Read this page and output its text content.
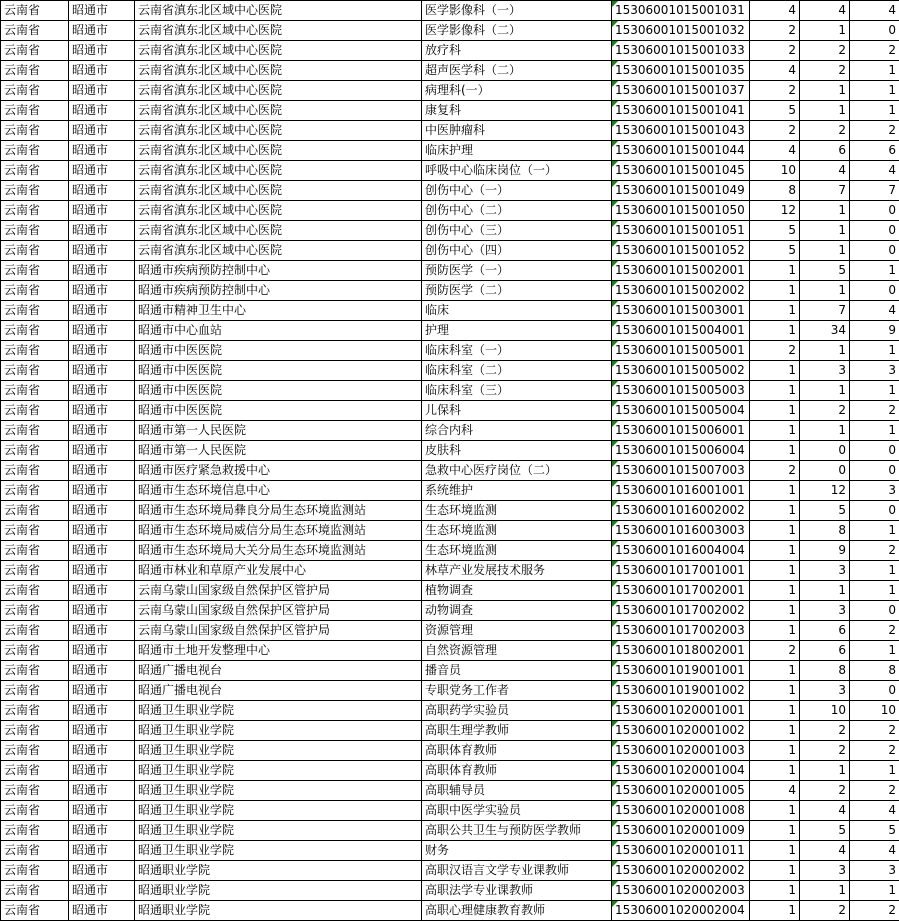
云南省	昭通市	云南省滇东北区域中心医院	医学影像科（一）	15306001015001031	4	4	4
云南省	昭通市	云南省滇东北区域中心医院	医学影像科（二）	15306001015001032	2	1	0
云南省	昭通市	云南省滇东北区域中心医院	放疗科	15306001015001033	2	2	2
云南省	昭通市	云南省滇东北区域中心医院	超声医学科（二）	15306001015001035	4	2	1
云南省	昭通市	云南省滇东北区域中心医院	病理科(一）	15306001015001037	2	1	1
云南省	昭通市	云南省滇东北区域中心医院	康复科	15306001015001041	5	1	1
云南省	昭通市	云南省滇东北区域中心医院	中医肿瘤科	15306001015001043	2	2	2
云南省	昭通市	云南省滇东北区域中心医院	临床护理	15306001015001044	4	6	6
云南省	昭通市	云南省滇东北区域中心医院	呼吸中心临床岗位（一）	15306001015001045	10	4	4
云南省	昭通市	云南省滇东北区域中心医院	创伤中心（一）	15306001015001049	8	7	7
云南省	昭通市	云南省滇东北区域中心医院	创伤中心（二）	15306001015001050	12	1	0
云南省	昭通市	云南省滇东北区域中心医院	创伤中心（三）	15306001015001051	5	1	0
云南省	昭通市	云南省滇东北区域中心医院	创伤中心（四）	15306001015001052	5	1	0
云南省	昭通市	昭通市疾病预防控制中心	预防医学（一）	15306001015002001	1	5	1
云南省	昭通市	昭通市疾病预防控制中心	预防医学（二）	15306001015002002	1	1	0
云南省	昭通市	昭通市精神卫生中心	临床	15306001015003001	1	7	4
云南省	昭通市	昭通市中心血站	护理	15306001015004001	1	34	9
云南省	昭通市	昭通市中医医院	临床科室（一）	15306001015005001	2	1	1
云南省	昭通市	昭通市中医医院	临床科室（二）	15306001015005002	1	3	3
云南省	昭通市	昭通市中医医院	临床科室（三）	15306001015005003	1	1	1
云南省	昭通市	昭通市中医医院	儿保科	15306001015005004	1	2	2
云南省	昭通市	昭通市第一人民医院	综合内科	15306001015006001	1	1	1
云南省	昭通市	昭通市第一人民医院	皮肤科	15306001015006004	1	0	0
云南省	昭通市	昭通市医疗紧急救援中心	急救中心医疗岗位（二）	15306001015007003	2	0	0
云南省	昭通市	昭通市生态环境信息中心	系统维护	15306001016001001	1	12	3
云南省	昭通市	昭通市生态环境局彝良分局生态环境监测站	生态环境监测	15306001016002002	1	5	0
云南省	昭通市	昭通市生态环境局威信分局生态环境监测站	生态环境监测	15306001016003003	1	8	1
云南省	昭通市	昭通市生态环境局大关分局生态环境监测站	生态环境监测	15306001016004004	1	9	2
云南省	昭通市	昭通市林业和草原产业发展中心	林草产业发展技术服务	15306001017001001	1	3	1
云南省	昭通市	云南乌蒙山国家级自然保护区管护局	植物调查	15306001017002001	1	1	1
云南省	昭通市	云南乌蒙山国家级自然保护区管护局	动物调查	15306001017002002	1	3	0
云南省	昭通市	云南乌蒙山国家级自然保护区管护局	资源管理	15306001017002003	1	6	2
云南省	昭通市	昭通市土地开发整理中心	自然资源管理	15306001018002001	2	6	1
云南省	昭通市	昭通广播电视台	播音员	15306001019001001	1	8	8
云南省	昭通市	昭通广播电视台	专职党务工作者	15306001019001002	1	3	0
云南省	昭通市	昭通卫生职业学院	高职药学实验员	15306001020001001	1	10	10
云南省	昭通市	昭通卫生职业学院	高职生理学教师	15306001020001002	1	2	2
云南省	昭通市	昭通卫生职业学院	高职体育教师	15306001020001003	1	2	2
云南省	昭通市	昭通卫生职业学院	高职体育教师	15306001020001004	1	1	1
云南省	昭通市	昭通卫生职业学院	高职辅导员	15306001020001005	4	2	2
云南省	昭通市	昭通卫生职业学院	高职中医学实验员	15306001020001008	1	4	4
云南省	昭通市	昭通卫生职业学院	高职公共卫生与预防医学教师	15306001020001009	1	5	5
云南省	昭通市	昭通卫生职业学院	财务	15306001020001011	1	4	4
云南省	昭通市	昭通职业学院	高职汉语言文学专业课教师	15306001020002002	1	3	3
云南省	昭通市	昭通职业学院	高职法学专业课教师	15306001020002003	1	1	1
云南省	昭通市	昭通职业学院	高职心理健康教育教师	15306001020002004	1	2	2
